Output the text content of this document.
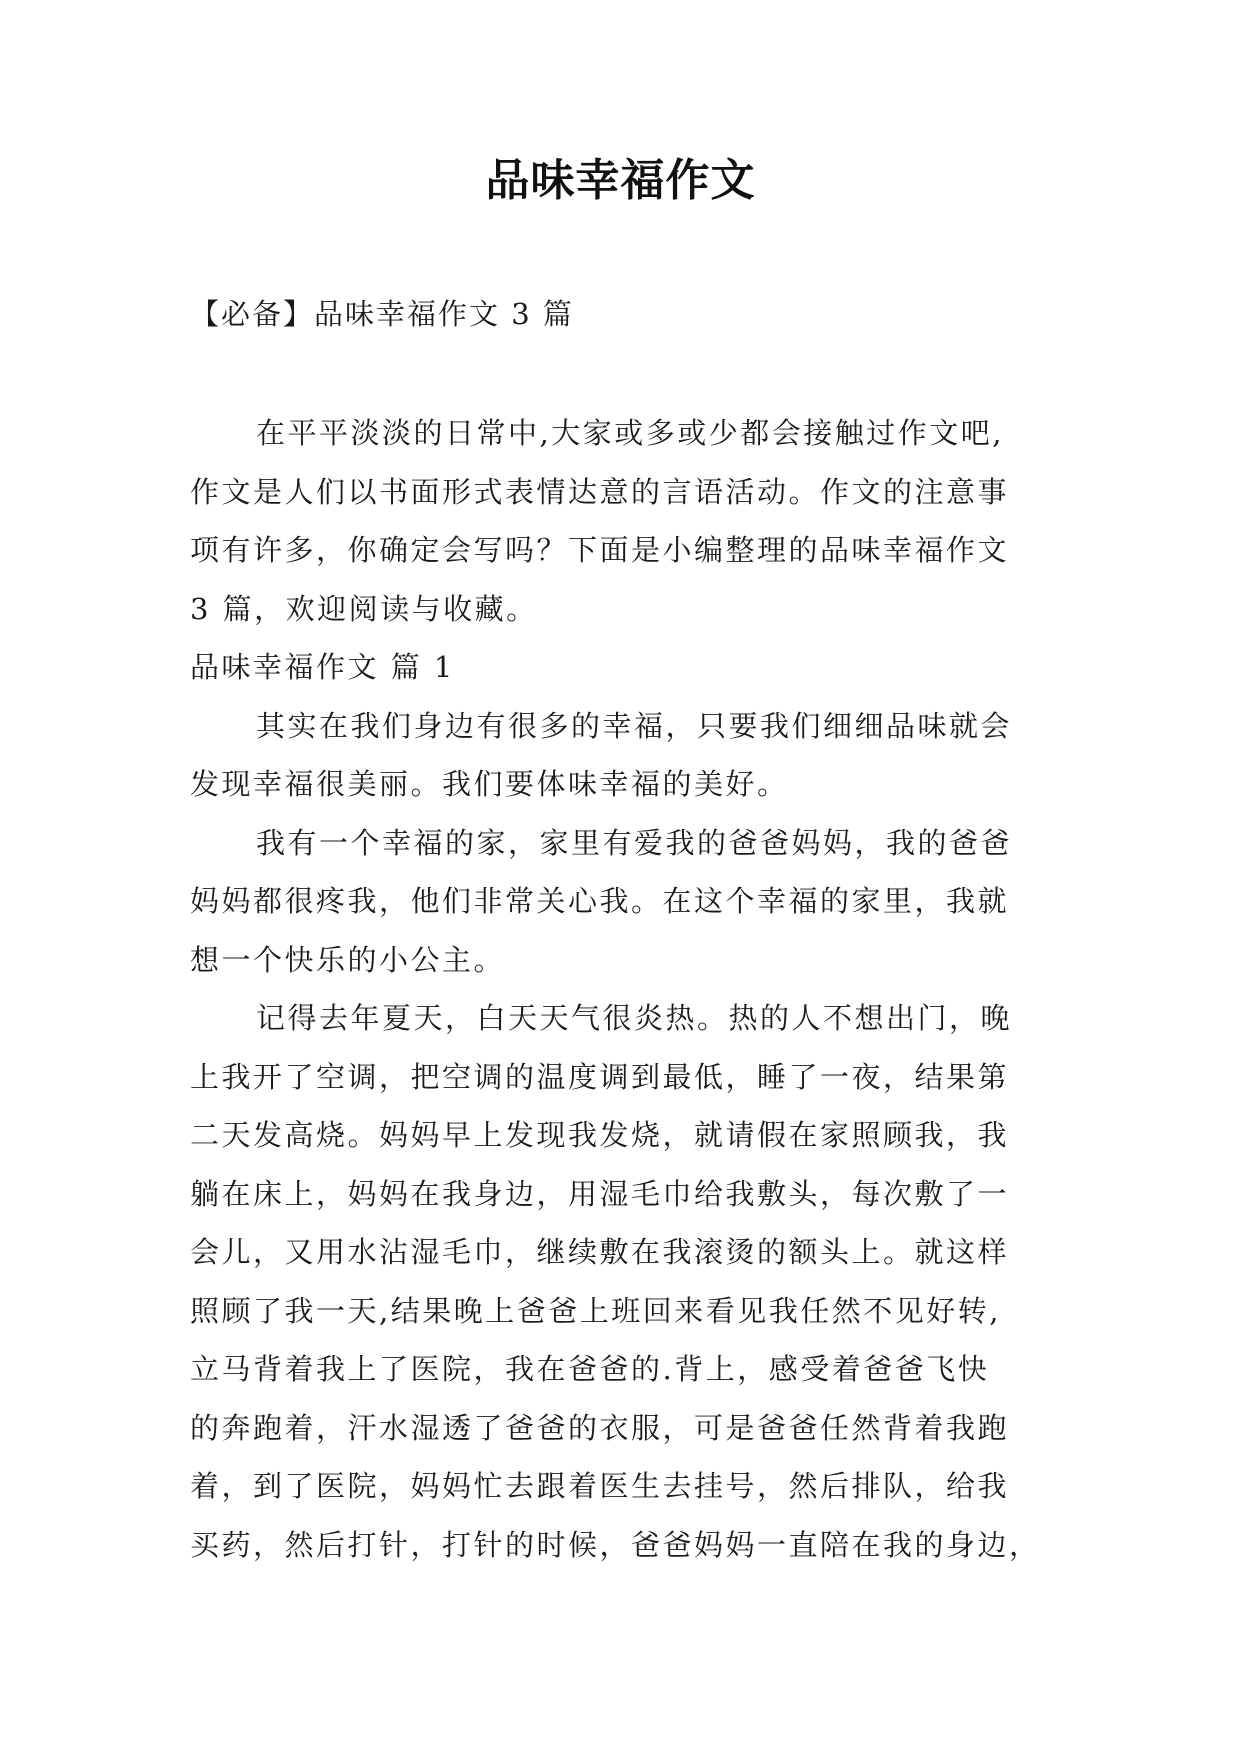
品味幸福作文
【必备】品味幸福作文 3 篇
在平平淡淡的日常中,大家或多或少都会接触过作文吧,
作文是人们以书面形式表情达意的言语活动。作文的注意事
项有许多，你确定会写吗？下面是小编整理的品味幸福作文
3 篇，欢迎阅读与收藏。
品味幸福作文 篇 1
其实在我们身边有很多的幸福，只要我们细细品味就会
发现幸福很美丽。我们要体味幸福的美好。
我有一个幸福的家，家里有爱我的爸爸妈妈，我的爸爸
妈妈都很疼我，他们非常关心我。在这个幸福的家里，我就
想一个快乐的小公主。
记得去年夏天，白天天气很炎热。热的人不想出门，晚
上我开了空调，把空调的温度调到最低，睡了一夜，结果第
二天发高烧。妈妈早上发现我发烧，就请假在家照顾我，我
躺在床上，妈妈在我身边，用湿毛巾给我敷头，每次敷了一
会儿，又用水沾湿毛巾，继续敷在我滚烫的额头上。就这样
照顾了我一天,结果晚上爸爸上班回来看见我任然不见好转,
立马背着我上了医院，我在爸爸的.背上，感受着爸爸飞快
的奔跑着，汗水湿透了爸爸的衣服，可是爸爸任然背着我跑
着，到了医院，妈妈忙去跟着医生去挂号，然后排队，给我
买药，然后打针，打针的时候，爸爸妈妈一直陪在我的身边，
